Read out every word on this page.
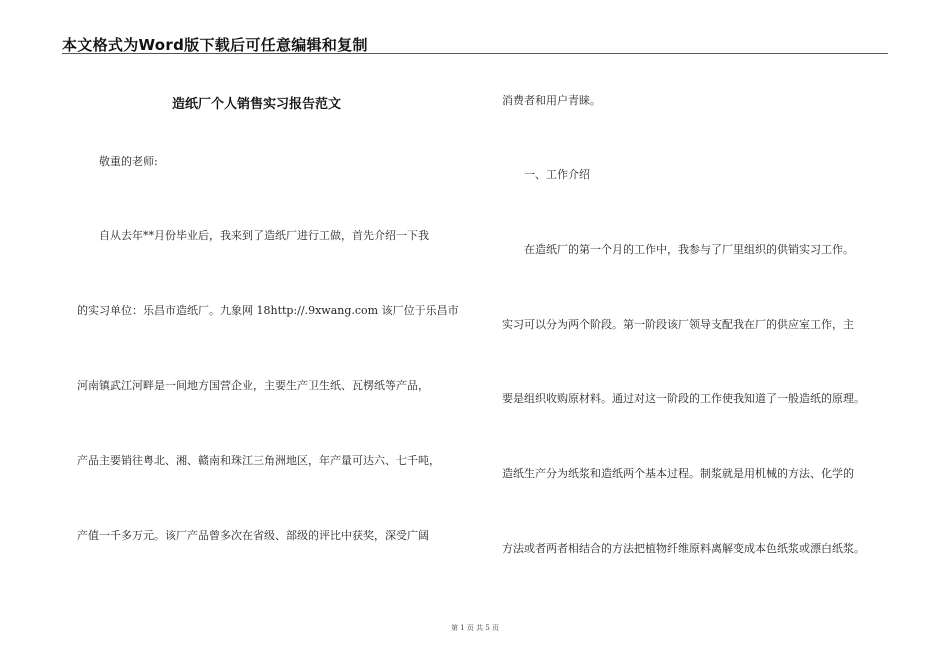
本文格式为Word版下载后可任意编辑和复制
造纸厂个人销售实习报告范文
敬重的老师:
自从去年**月份毕业后，我来到了造纸厂进行工做，首先介绍一下我
的实习单位：乐昌市造纸厂。九象网 18http://.9xwang.com 该厂位于乐昌市
河南镇武江河畔是一间地方国营企业，主要生产卫生纸、瓦楞纸等产品，
产品主要销往粤北、湘、赣南和珠江三角洲地区，年产量可达六、七千吨，
产值一千多万元。该厂产品曾多次在省级、部级的评比中获奖，深受广阔
消费者和用户青睐。
一、工作介绍
在造纸厂的第一个月的工作中，我参与了厂里组织的供销实习工作。
实习可以分为两个阶段。第一阶段该厂领导支配我在厂的供应室工作，主
要是组织收购原材料。通过对这一阶段的工作使我知道了一般造纸的原理。
造纸生产分为纸浆和造纸两个基本过程。制浆就是用机械的方法、化学的
方法或者两者相结合的方法把植物纤维原料离解变成本色纸浆或漂白纸浆。
第 1 页 共 5 页
